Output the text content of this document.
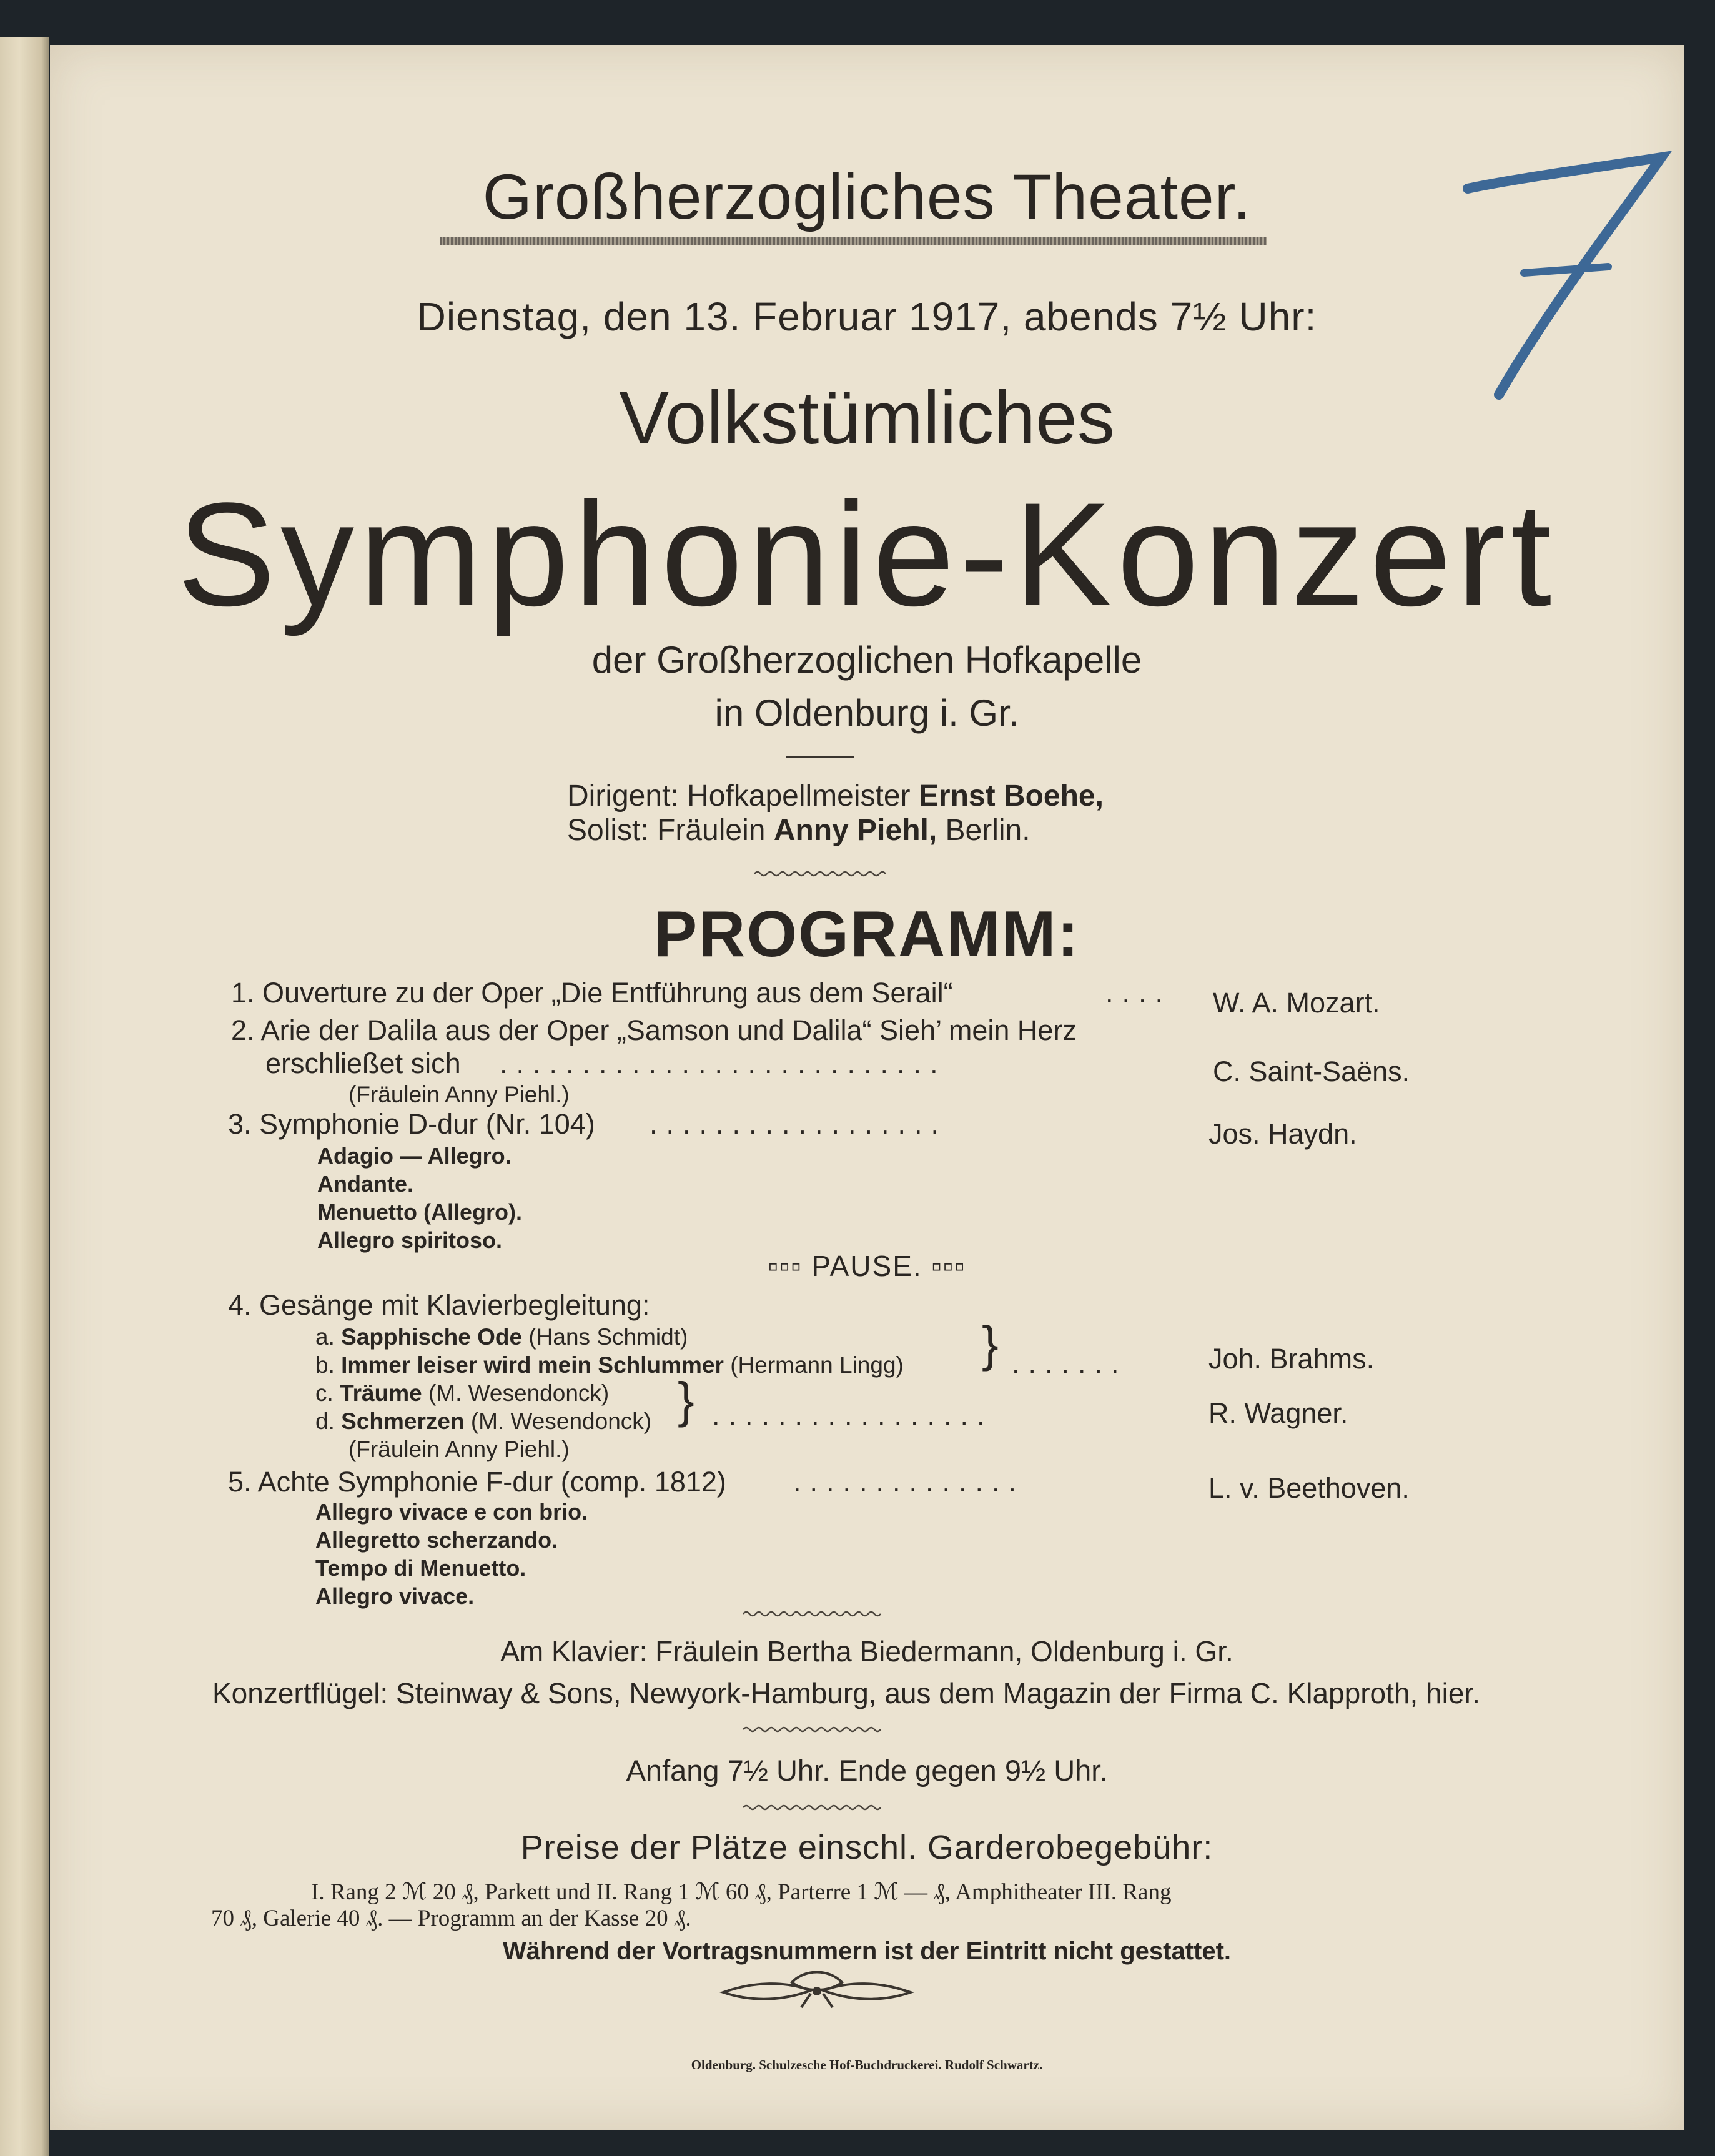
Großherzogliches Theater.
Dienstag, den 13. Februar 1917, abends 7½ Uhr:
Volkstümliches
Symphonie-Konzert
der Großherzoglichen Hofkapelle
in Oldenburg i. Gr.
Dirigent: Hofkapellmeister Ernst Boehe,
Solist: Fräulein Anny Piehl, Berlin.
PROGRAMM:
1. Ouverture zu der Oper „Die Entführung aus dem Serail“	.... W. A. Mozart.
2. Arie der Dalila aus der Oper „Samson und Dalila“ Sieh’ mein Herz
erschließet sich ...........................	C. Saint-Saëns.
(Fräulein Anny Piehl.)
3. Symphonie D-dur (Nr. 104) ..................	Jos. Haydn.
Adagio — Allegro.
Andante.
Menuetto (Allegro).
Allegro spiritoso.
▫▫▫ PAUSE. ▫▫▫
4. Gesänge mit Klavierbegleitung:
a. Sapphische Ode (Hans Schmidt)
b. Immer leiser wird mein Schlummer (Hermann Lingg) } .......	Joh. Brahms.
c. Träume (M. Wesendonck)
d. Schmerzen (M. Wesendonck) } .................	R. Wagner.
(Fräulein Anny Piehl.)
5. Achte Symphonie F-dur (comp. 1812) ..............	L. v. Beethoven.
Allegro vivace e con brio.
Allegretto scherzando.
Tempo di Menuetto.
Allegro vivace.
Am Klavier: Fräulein Bertha Biedermann, Oldenburg i. Gr.
Konzertflügel: Steinway & Sons, Newyork-Hamburg, aus dem Magazin der Firma C. Klapproth, hier.
Anfang 7½ Uhr. Ende gegen 9½ Uhr.
Preise der Plätze einschl. Garderobegebühr:
I. Rang 2 ℳ 20 ₰, Parkett und II. Rang 1 ℳ 60 ₰, Parterre 1 ℳ — ₰, Amphitheater III. Rang
70 ₰, Galerie 40 ₰. — Programm an der Kasse 20 ₰.
Während der Vortragsnummern ist der Eintritt nicht gestattet.
Oldenburg. Schulzesche Hof-Buchdruckerei. Rudolf Schwartz.
